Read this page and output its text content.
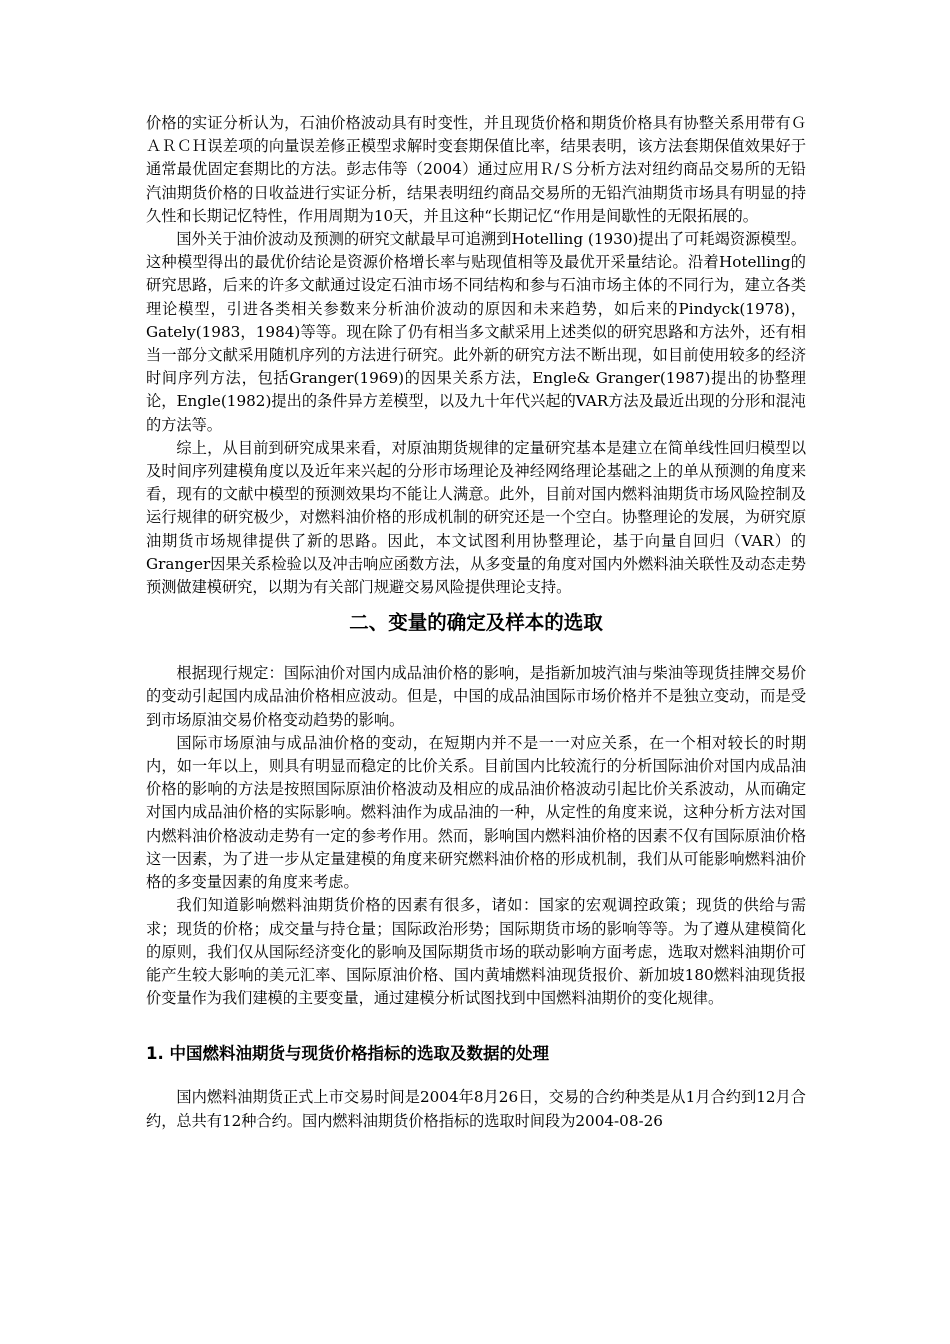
价格的实证分析认为，石油价格波动具有时变性，并且现货价格和期货价格具有协整关系用带有ＧＡＲＣＨ误差项的向量误差修正模型求解时变套期保值比率，结果表明，该方法套期保值效果好于通常最优固定套期比的方法。彭志伟等（2004）通过应用Ｒ/Ｓ分析方法对纽约商品交易所的无铅汽油期货价格的日收益进行实证分析，结果表明纽约商品交易所的无铅汽油期货市场具有明显的持久性和长期记忆特性，作用周期为10天，并且这种“长期记忆“作用是间歇性的无限拓展的。

国外关于油价波动及预测的研究文献最早可追溯到Hotelling (1930)提出了可耗竭资源模型。这种模型得出的最优价结论是资源价格增长率与贴现值相等及最优开采量结论。沿着Hotelling的研究思路，后来的许多文献通过设定石油市场不同结构和参与石油市场主体的不同行为，建立各类理论模型，引进各类相关参数来分析油价波动的原因和未来趋势，如后来的Pindyck(1978)，Gately(1983，1984)等等。现在除了仍有相当多文献采用上述类似的研究思路和方法外，还有相当一部分文献采用随机序列的方法进行研究。此外新的研究方法不断出现，如目前使用较多的经济时间序列方法，包括Granger(1969)的因果关系方法，Engle& Granger(1987)提出的协整理论，Engle(1982)提出的条件异方差模型，以及九十年代兴起的VAR方法及最近出现的分形和混沌的方法等。

综上，从目前到研究成果来看，对原油期货规律的定量研究基本是建立在简单线性回归模型以及时间序列建模角度以及近年来兴起的分形市场理论及神经网络理论基础之上的单从预测的角度来看，现有的文献中模型的预测效果均不能让人满意。此外，目前对国内燃料油期货市场风险控制及运行规律的研究极少，对燃料油价格的形成机制的研究还是一个空白。协整理论的发展，为研究原油期货市场规律提供了新的思路。因此，本文试图利用协整理论，基于向量自回归（VAR）的Granger因果关系检验以及冲击响应函数方法，从多变量的角度对国内外燃料油关联性及动态走势预测做建模研究，以期为有关部门规避交易风险提供理论支持。

二、变量的确定及样本的选取

根据现行规定：国际油价对国内成品油价格的影响，是指新加坡汽油与柴油等现货挂牌交易价的变动引起国内成品油价格相应波动。但是，中国的成品油国际市场价格并不是独立变动，而是受到市场原油交易价格变动趋势的影响。

国际市场原油与成品油价格的变动，在短期内并不是一一对应关系，在一个相对较长的时期内，如一年以上，则具有明显而稳定的比价关系。目前国内比较流行的分析国际油价对国内成品油价格的影响的方法是按照国际原油价格波动及相应的成品油价格波动引起比价关系波动，从而确定对国内成品油价格的实际影响。燃料油作为成品油的一种，从定性的角度来说，这种分析方法对国内燃料油价格波动走势有一定的参考作用。然而，影响国内燃料油价格的因素不仅有国际原油价格这一因素，为了进一步从定量建模的角度来研究燃料油价格的形成机制，我们从可能影响燃料油价格的多变量因素的角度来考虑。

我们知道影响燃料油期货价格的因素有很多，诸如：国家的宏观调控政策；现货的供给与需求；现货的价格；成交量与持仓量；国际政治形势；国际期货市场的影响等等。为了遵从建模简化的原则，我们仅从国际经济变化的影响及国际期货市场的联动影响方面考虑，选取对燃料油期价可能产生较大影响的美元汇率、国际原油价格、国内黄埔燃料油现货报价、新加坡180燃料油现货报价变量作为我们建模的主要变量，通过建模分析试图找到中国燃料油期价的变化规律。

1. 中国燃料油期货与现货价格指标的选取及数据的处理

国内燃料油期货正式上市交易时间是2004年8月26日，交易的合约种类是从1月合约到12月合约，总共有12种合约。国内燃料油期货价格指标的选取时间段为2004-08-26
